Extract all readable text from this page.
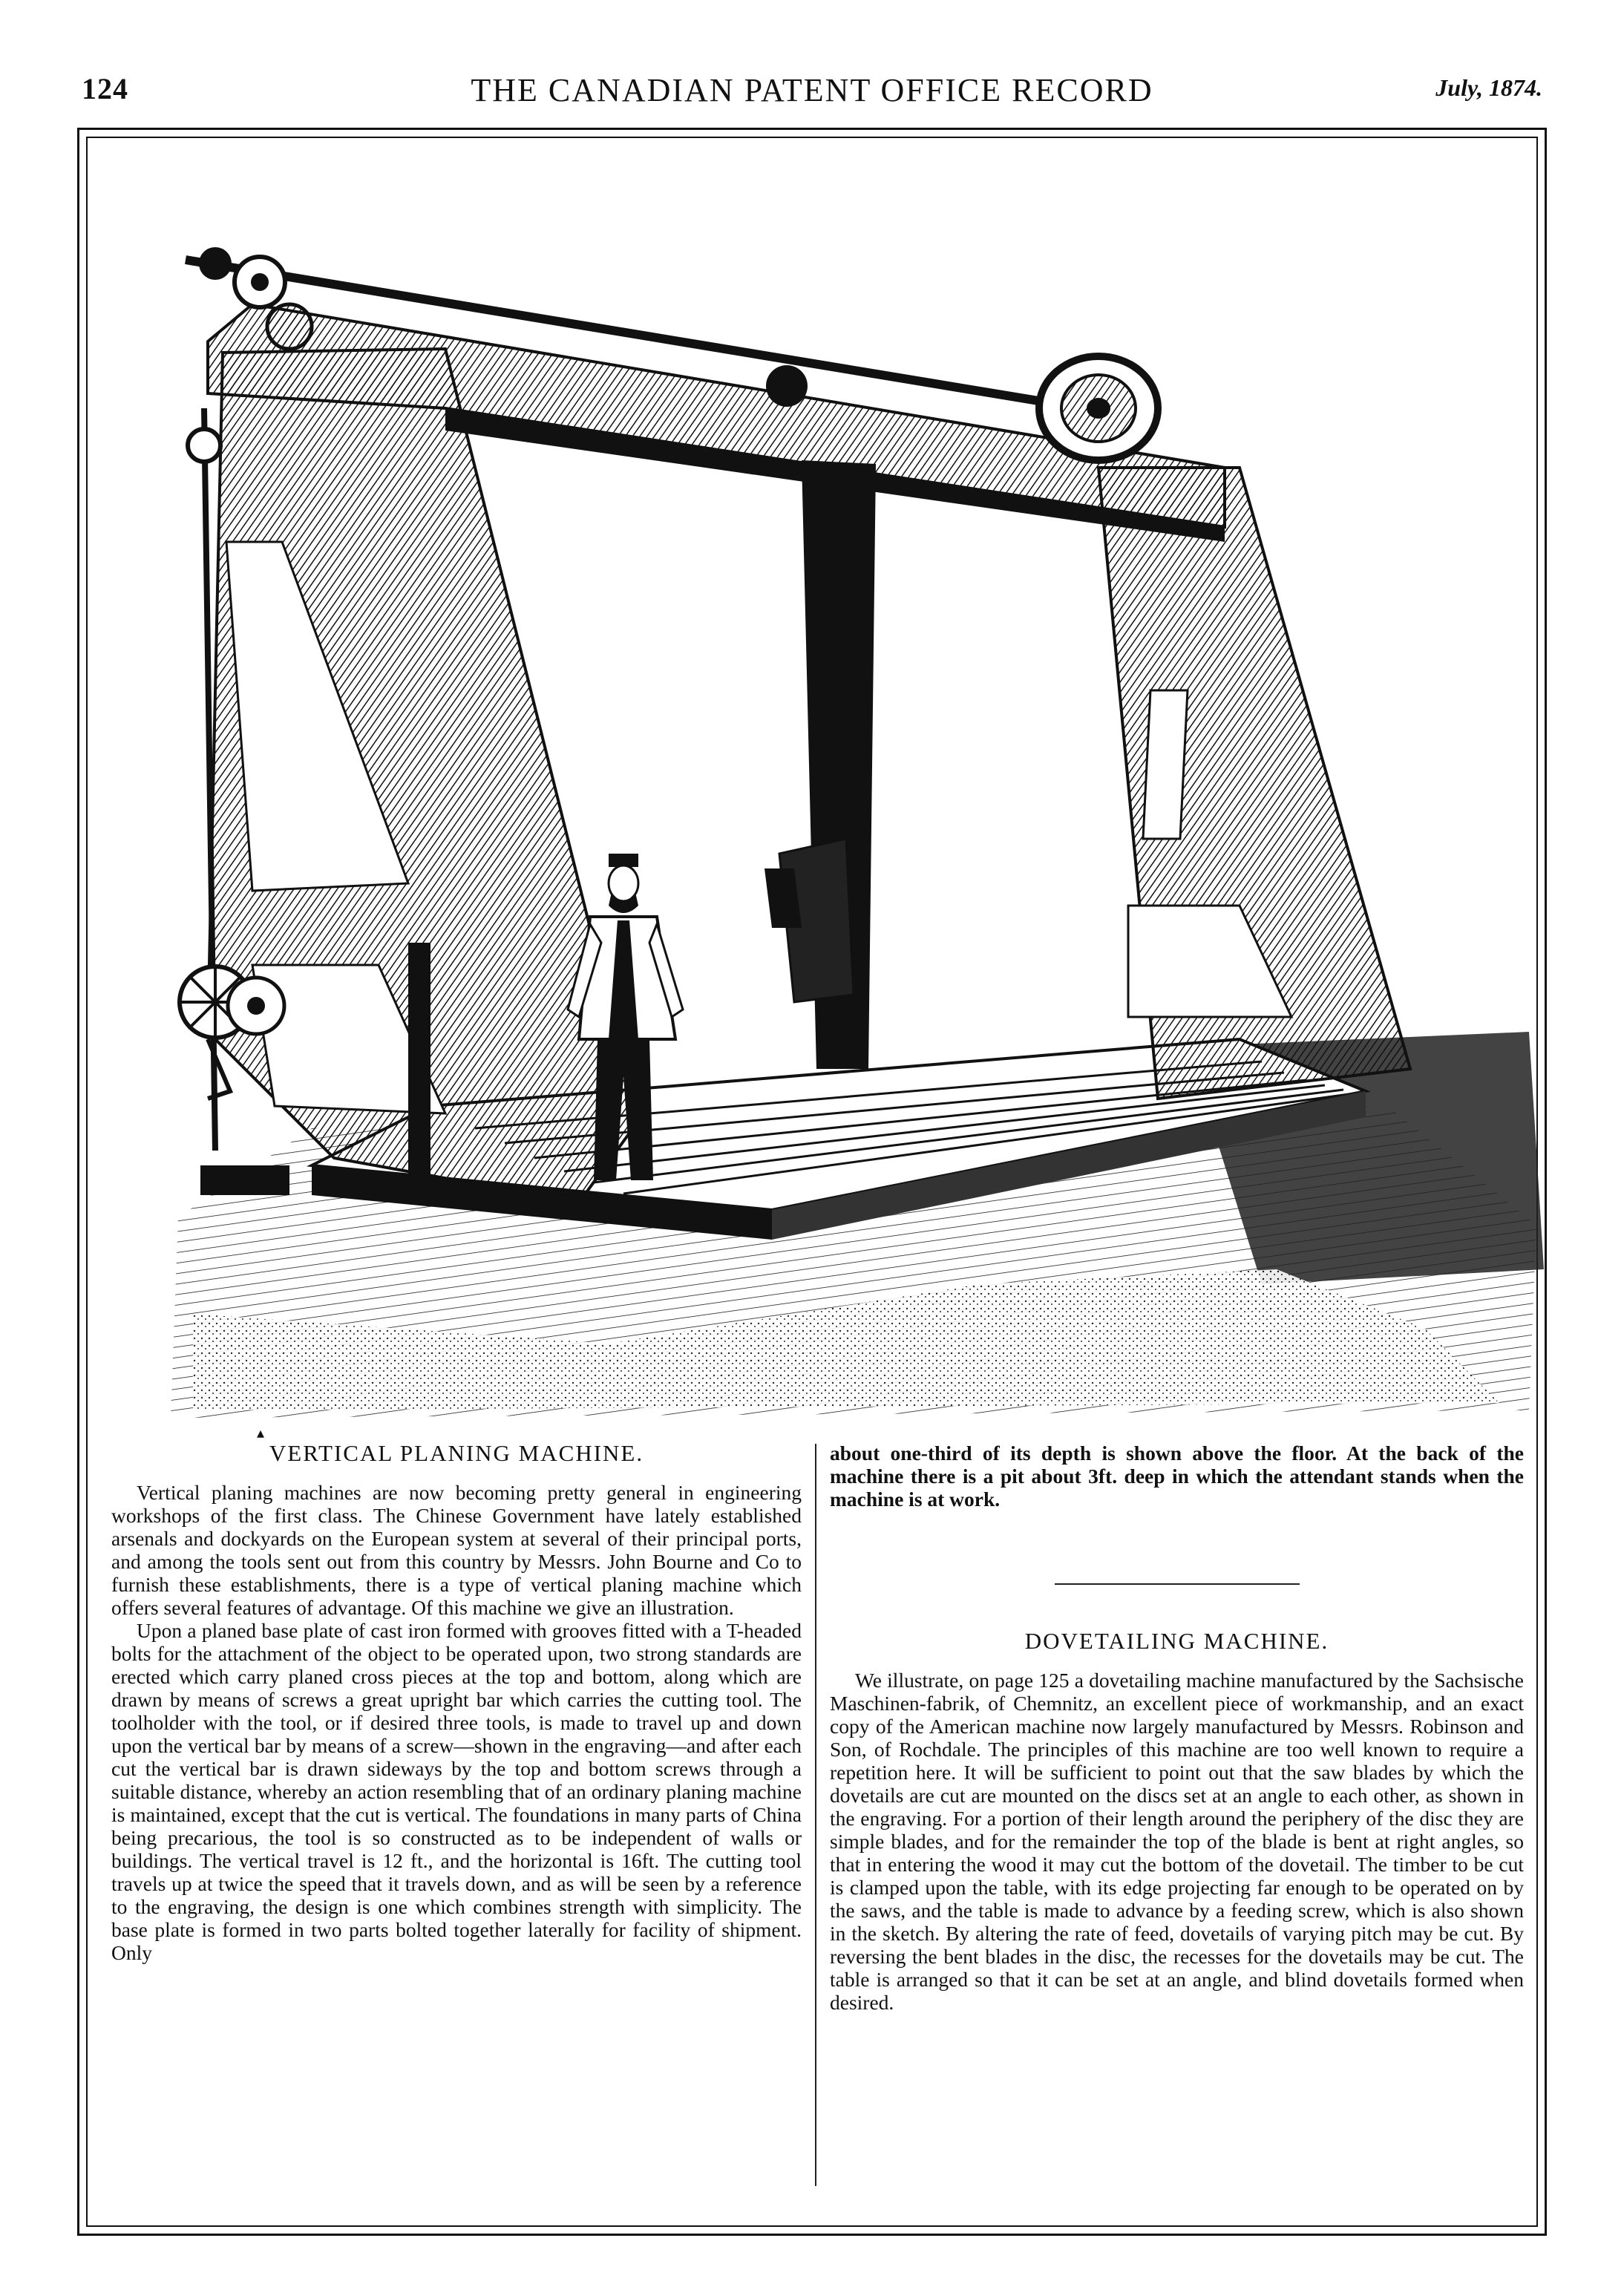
124	THE CANADIAN PATENT OFFICE RECORD	July, 1874.
▴
VERTICAL PLANING MACHINE.

Vertical planing machines are now becoming pretty general in engineering workshops of the first class. The Chinese Government have lately established arsenals and dockyards on the European system at several of their principal ports, and among the tools sent out from this country by Messrs. John Bourne and Co to furnish these establishments, there is a type of vertical planing machine which offers several features of advantage. Of this machine we give an illustration.

Upon a planed base plate of cast iron formed with grooves fitted with a T-headed bolts for the attachment of the object to be operated upon, two strong standards are erected which carry planed cross pieces at the top and bottom, along which are drawn by means of screws a great upright bar which carries the cutting tool. The toolholder with the tool, or if desired three tools, is made to travel up and down upon the vertical bar by means of a screw—shown in the engraving—and after each cut the vertical bar is drawn sideways by the top and bottom screws through a suitable distance, whereby an action resembling that of an ordinary planing machine is maintained, except that the cut is vertical. The foundations in many parts of China being precarious, the tool is so constructed as to be independent of walls or buildings. The vertical travel is 12 ft., and the horizontal is 16ft. The cutting tool travels up at twice the speed that it travels down, and as will be seen by a reference to the engraving, the design is one which combines strength with simplicity. The base plate is formed in two parts bolted together laterally for facility of shipment. Only

about one-third of its depth is shown above the floor. At the back of the machine there is a pit about 3ft. deep in which the attendant stands when the machine is at work.

DOVETAILING MACHINE.

We illustrate, on page 125 a dovetailing machine manufactured by the Sachsische Maschinen-fabrik, of Chemnitz, an excellent piece of workmanship, and an exact copy of the American machine now largely manufactured by Messrs. Robinson and Son, of Rochdale. The principles of this machine are too well known to require a repetition here. It will be sufficient to point out that the saw blades by which the dovetails are cut are mounted on the discs set at an angle to each other, as shown in the engraving. For a portion of their length around the periphery of the disc they are simple blades, and for the remainder the top of the blade is bent at right angles, so that in entering the wood it may cut the bottom of the dovetail. The timber to be cut is clamped upon the table, with its edge projecting far enough to be operated on by the saws, and the table is made to advance by a feeding screw, which is also shown in the sketch. By altering the rate of feed, dovetails of varying pitch may be cut. By reversing the bent blades in the disc, the recesses for the dovetails may be cut. The table is arranged so that it can be set at an angle, and blind dovetails formed when desired.
